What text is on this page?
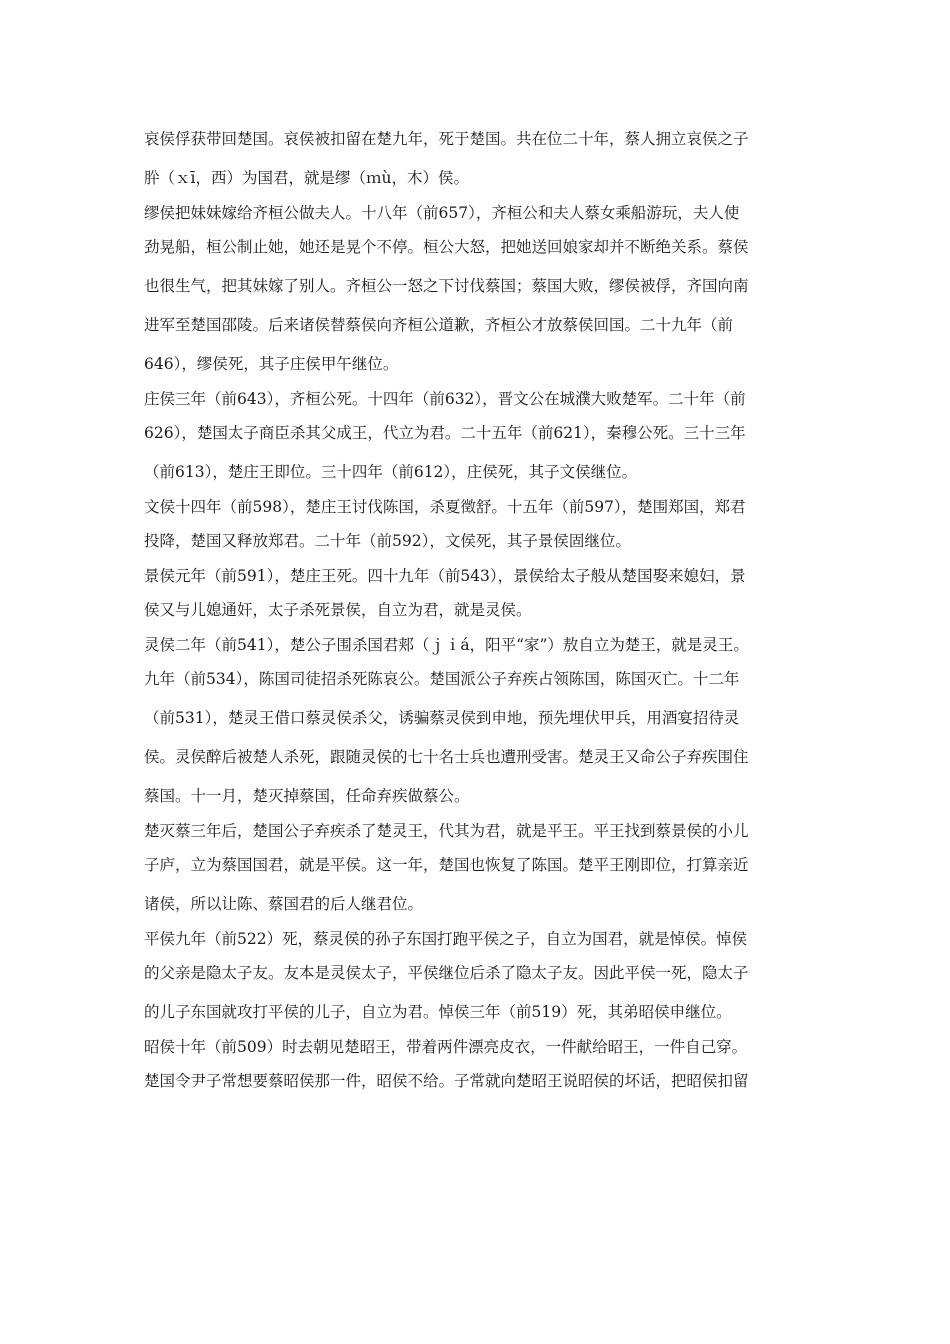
哀侯俘获带回楚国。哀侯被扣留在楚九年，死于楚国。共在位二十年，蔡人拥立哀侯之子
肸（ｘī，西）为国君，就是缪（ｍù，木）侯。
缪侯把妹妹嫁给齐桓公做夫人。十八年（前657），齐桓公和夫人蔡女乘船游玩，夫人使
劲晃船，桓公制止她，她还是晃个不停。桓公大怒，把她送回娘家却并不断绝关系。蔡侯
也很生气，把其妹嫁了别人。齐桓公一怒之下讨伐蔡国；蔡国大败，缪侯被俘，齐国向南
进军至楚国邵陵。后来诸侯替蔡侯向齐桓公道歉，齐桓公才放蔡侯回国。二十九年（前
646），缪侯死，其子庄侯甲午继位。
庄侯三年（前643），齐桓公死。十四年（前632），晋文公在城濮大败楚军。二十年（前
626），楚国太子商臣杀其父成王，代立为君。二十五年（前621），秦穆公死。三十三年
（前613），楚庄王即位。三十四年（前612），庄侯死，其子文侯继位。
文侯十四年（前598），楚庄王讨伐陈国，杀夏徵舒。十五年（前597），楚围郑国，郑君
投降，楚国又释放郑君。二十年（前592），文侯死，其子景侯固继位。
景侯元年（前591），楚庄王死。四十九年（前543），景侯给太子般从楚国娶来媳妇，景
侯又与儿媳通奸，太子杀死景侯，自立为君，就是灵侯。
灵侯二年（前541），楚公子围杀国君郏（ｊｉá，阳平“家”）敖自立为楚王，就是灵王。
九年（前534），陈国司徒招杀死陈哀公。楚国派公子弃疾占领陈国，陈国灭亡。十二年
（前531），楚灵王借口蔡灵侯杀父，诱骗蔡灵侯到申地，预先埋伏甲兵，用酒宴招待灵
侯。灵侯醉后被楚人杀死，跟随灵侯的七十名士兵也遭刑受害。楚灵王又命公子弃疾围住
蔡国。十一月，楚灭掉蔡国，任命弃疾做蔡公。
楚灭蔡三年后，楚国公子弃疾杀了楚灵王，代其为君，就是平王。平王找到蔡景侯的小儿
子庐，立为蔡国国君，就是平侯。这一年，楚国也恢复了陈国。楚平王刚即位，打算亲近
诸侯，所以让陈、蔡国君的后人继君位。
平侯九年（前522）死，蔡灵侯的孙子东国打跑平侯之子，自立为国君，就是悼侯。悼侯
的父亲是隐太子友。友本是灵侯太子，平侯继位后杀了隐太子友。因此平侯一死，隐太子
的儿子东国就攻打平侯的儿子，自立为君。悼侯三年（前519）死，其弟昭侯申继位。
昭侯十年（前509）时去朝见楚昭王，带着两件漂亮皮衣，一件献给昭王，一件自己穿。
楚国令尹子常想要蔡昭侯那一件，昭侯不给。子常就向楚昭王说昭侯的坏话，把昭侯扣留
